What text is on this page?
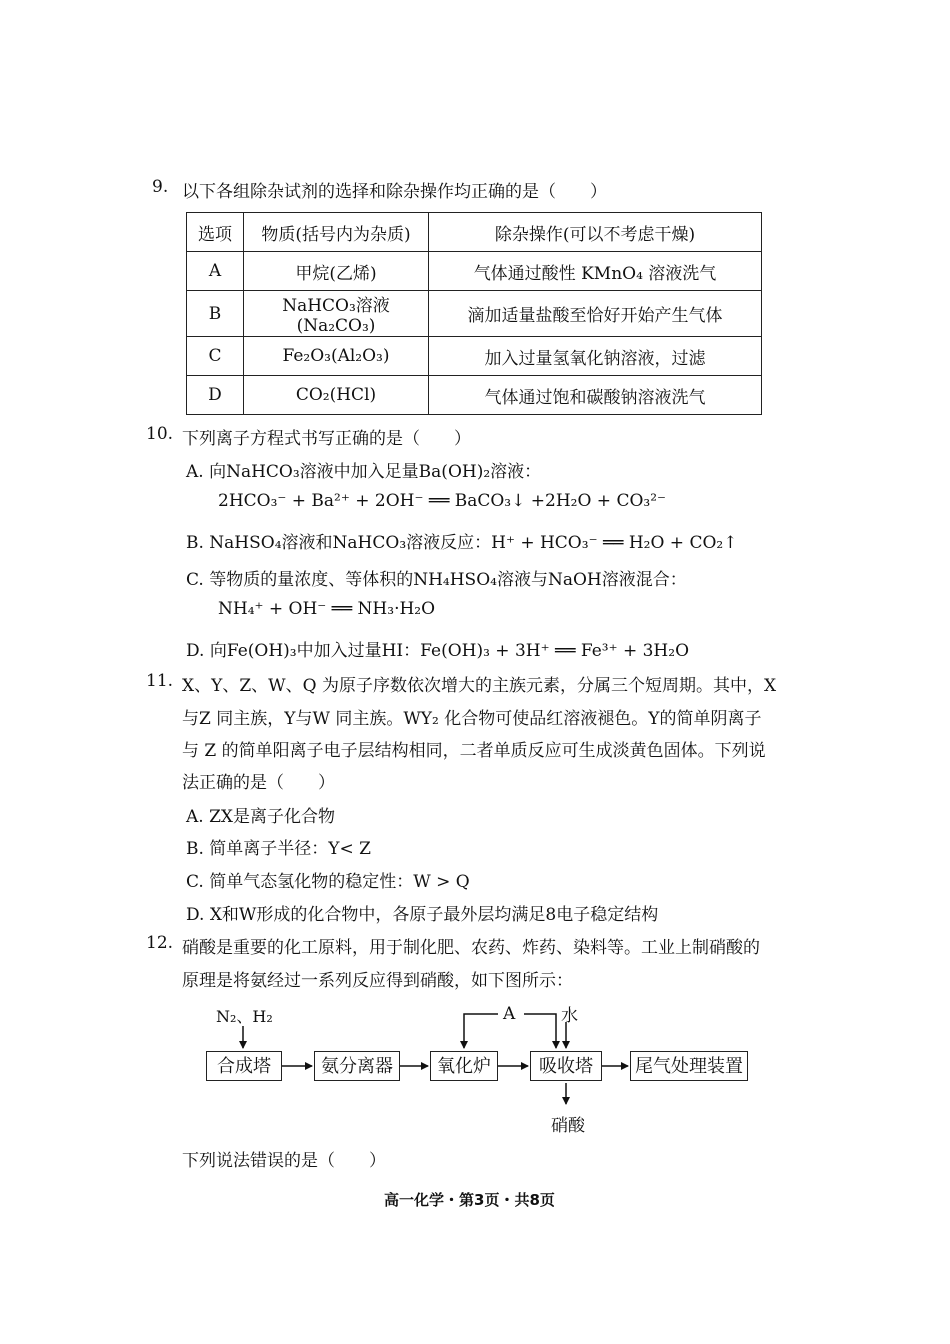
9. 以下各组除杂试剂的选择和除杂操作均正确的是（　　）
选项	物质(括号内为杂质)	除杂操作(可以不考虑干燥)
A	甲烷(乙烯)	气体通过酸性 KMnO₄ 溶液洗气
B	NaHCO₃溶液(Na₂CO₃)	滴加适量盐酸至恰好开始产生气体
C	Fe₂O₃(Al₂O₃)	加入过量氢氧化钠溶液，过滤
D	CO₂(HCl)	气体通过饱和碳酸钠溶液洗气
10. 下列离子方程式书写正确的是（　　）
A. 向NaHCO₃溶液中加入足量Ba(OH)₂溶液：
2HCO₃⁻ + Ba²⁺ + 2OH⁻ ══ BaCO₃↓ +2H₂O + CO₃²⁻
B. NaHSO₄溶液和NaHCO₃溶液反应：H⁺ + HCO₃⁻ ══ H₂O + CO₂↑
C. 等物质的量浓度、等体积的NH₄HSO₄溶液与NaOH溶液混合：
NH₄⁺ + OH⁻ ══ NH₃·H₂O
D. 向Fe(OH)₃中加入过量HI：Fe(OH)₃ + 3H⁺ ══ Fe³⁺ + 3H₂O
11. X、Y、Z、W、Q 为原子序数依次增大的主族元素，分属三个短周期。其中，X
与Z 同主族，Y与W 同主族。WY₂ 化合物可使品红溶液褪色。Y的简单阴离子
与 Z 的简单阳离子电子层结构相同，二者单质反应可生成淡黄色固体。下列说
法正确的是（　　）
A. ZX是离子化合物
B. 简单离子半径：Y< Z
C. 简单气态氢化物的稳定性：W > Q
D. X和W形成的化合物中，各原子最外层均满足8电子稳定结构
12. 硝酸是重要的化工原料，用于制化肥、农药、炸药、染料等。工业上制硝酸的
原理是将氨经过一系列反应得到硝酸，如下图所示：
N₂、H₂
合成塔	氨分离器	氧化炉	吸收塔	尾气处理装置
A	水
硝酸
下列说法错误的是（　　）
高一化学・第3页・共8页
